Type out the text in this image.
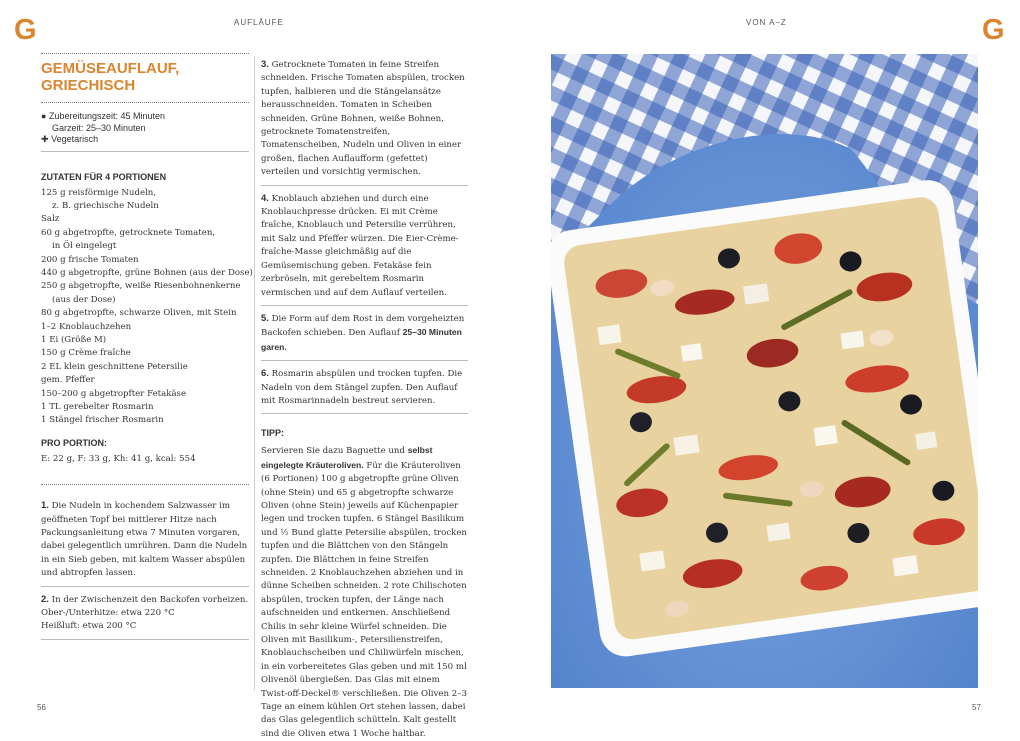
G	AUFLÄUFE
GEMÜSEAUFLAUF,
GRIECHISCH
● Zubereitungszeit: 45 Minuten
Garzeit: 25–30 Minuten
✚ Vegetarisch
ZUTATEN FÜR 4 PORTIONEN
125 g reisförmige Nudeln,
z. B. griechische Nudeln
Salz
60 g abgetropfte, getrocknete Tomaten,
in Öl eingelegt
200 g frische Tomaten
440 g abgetropfte, grüne Bohnen (aus der Dose)
250 g abgetropfte, weiße Riesenbohnenkerne
(aus der Dose)
80 g abgetropfte, schwarze Oliven, mit Stein
1–2 Knoblauchzehen
1 Ei (Größe M)
150 g Crème fraîche
2 EL klein geschnittene Petersilie
gem. Pfeffer
150–200 g abgetropfter Fetakäse
1 TL gerebelter Rosmarin
1 Stängel frischer Rosmarin
PRO PORTION:
E: 22 g, F: 33 g, Kh: 41 g, kcal: 554
1. Die Nudeln in kochendem Salzwasser im geöffneten Topf bei mittlerer Hitze nach Packungsanleitung etwa 7 Minuten vorgaren, dabei gelegentlich umrühren. Dann die Nudeln in ein Sieb geben, mit kaltem Wasser abspülen und abtropfen lassen.
2. In der Zwischenzeit den Backofen vorheizen.
Ober-/Unterhitze: etwa 220 °C
Heißluft: etwa 200 °C
3. Getrocknete Tomaten in feine Streifen schneiden. Frische Tomaten abspülen, trocken tupfen, halbieren und die Stängelansätze herausschneiden. Tomaten in Scheiben schneiden. Grüne Bohnen, weiße Bohnen, getrocknete Tomatenstreifen, Tomatenscheiben, Nudeln und Oliven in einer großen, flachen Auflaufform (gefettet) verteilen und vorsichtig vermischen.
4. Knoblauch abziehen und durch eine Knoblauchpresse drücken. Ei mit Crème fraîche, Knoblauch und Petersilie verrühren, mit Salz und Pfeffer würzen. Die Eier-Crème-fraîche-Masse gleichmäßig auf die Gemüsemischung geben. Fetakäse fein zerbröseln, mit gerebeltem Rosmarin vermischen und auf dem Auflauf verteilen.
5. Die Form auf dem Rost in dem vorgeheizten Backofen schieben. Den Auflauf 25–30 Minuten garen.
6. Rosmarin abspülen und trocken tupfen. Die Nadeln von dem Stängel zupfen. Den Auflauf mit Rosmarinnadeln bestreut servieren.
TIPP:
Servieren Sie dazu Baguette und selbst eingelegte Kräuteroliven. Für die Kräuteroliven (6 Portionen) 100 g abgetropfte grüne Oliven (ohne Stein) und 65 g abgetropfte schwarze Oliven (ohne Stein) jeweils auf Küchenpapier legen und trocken tupfen. 6 Stängel Basilikum und ½ Bund glatte Petersilie abspülen, trocken tupfen und die Blättchen von den Stängeln zupfen. Die Blättchen in feine Streifen schneiden. 2 Knoblauchzehen abziehen und in dünne Scheiben schneiden. 2 rote Chilischoten abspülen, trocken tupfen, der Länge nach aufschneiden und entkernen. Anschließend Chilis in sehr kleine Würfel schneiden. Die Oliven mit Basilikum-, Petersilienstreifen, Knoblauchscheiben und Chiliwürfeln mischen, in ein vorbereitetes Glas geben und mit 150 ml Olivenöl übergießen. Das Glas mit einem Twist-off-Deckel® verschließen. Die Oliven 2–3 Tage an einem kühlen Ort stehen lassen, dabei das Glas gelegentlich schütteln. Kalt gestellt sind die Oliven etwa 1 Woche haltbar.
56	57
VON A–Z	G
